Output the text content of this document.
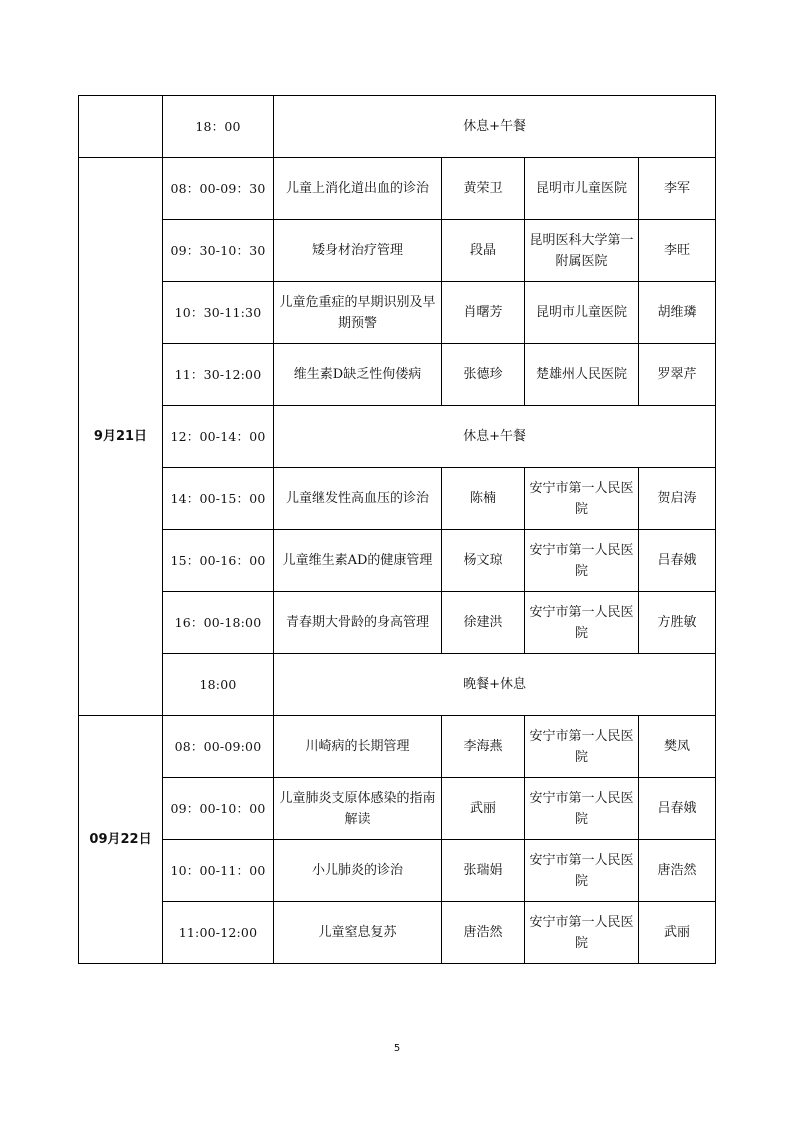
	18：00	休息+午餐			
9月21日	08：00-09：30	儿童上消化道出血的诊治	黄荣卫	昆明市儿童医院	李军
	09：30-10：30	矮身材治疗管理	段晶	昆明医科大学第一附属医院	李旺
	10：30-11:30	儿童危重症的早期识别及早期预警	肖曙芳	昆明市儿童医院	胡维璘
	11：30-12:00	维生素D缺乏性佝偻病	张德珍	楚雄州人民医院	罗翠芹
	12：00-14：00	休息+午餐			
	14：00-15：00	儿童继发性高血压的诊治	陈楠	安宁市第一人民医院	贺启涛
	15：00-16：00	儿童维生素AD的健康管理	杨文琼	安宁市第一人民医院	吕春娥
	16：00-18:00	青春期大骨龄的身高管理	徐建洪	安宁市第一人民医院	方胜敏
	18:00	晚餐+休息			
09月22日	08：00-09:00	川崎病的长期管理	李海燕	安宁市第一人民医院	樊凤
	09：00-10：00	儿童肺炎支原体感染的指南解读	武丽	安宁市第一人民医院	吕春娥
	10：00-11：00	小儿肺炎的诊治	张瑞娟	安宁市第一人民医院	唐浩然
	11:00-12:00	儿童窒息复苏	唐浩然	安宁市第一人民医院	武丽
5
